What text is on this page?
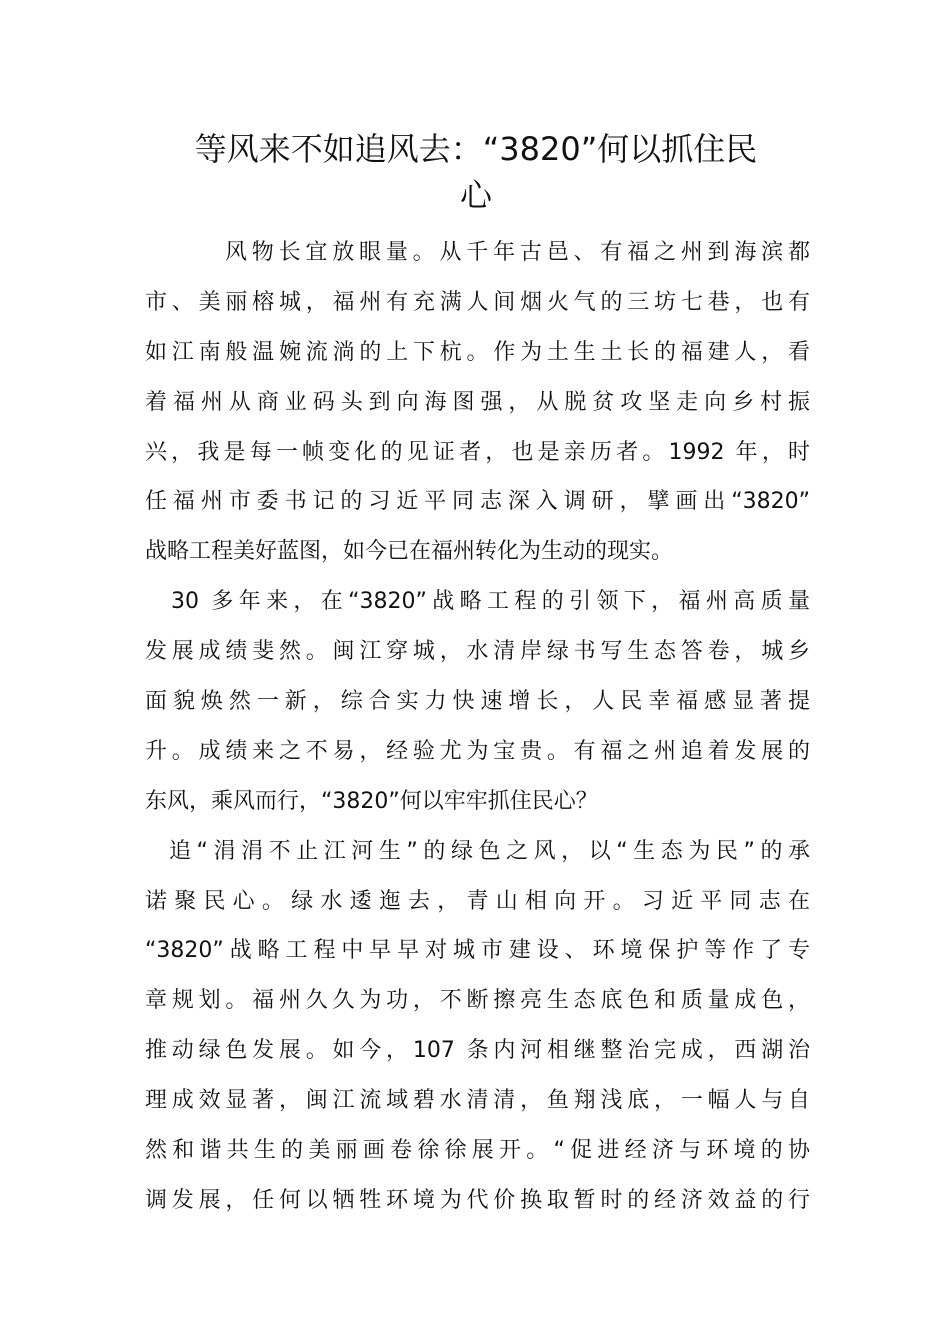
等风来不如追风去：“3820”何以抓住民
心
风物长宜放眼量。从千年古邑、有福之州到海滨都
市、美丽榕城，福州有充满人间烟火气的三坊七巷，也有
如江南般温婉流淌的上下杭。作为土生土长的福建人，看
着福州从商业码头到向海图强，从脱贫攻坚走向乡村振
兴，我是每一帧变化的见证者，也是亲历者。1992 年，时
任福州市委书记的习近平同志深入调研，擘画出“3820”
战略工程美好蓝图，如今已在福州转化为生动的现实。
30 多年来，在“3820”战略工程的引领下，福州高质量
发展成绩斐然。闽江穿城，水清岸绿书写生态答卷，城乡
面貌焕然一新，综合实力快速增长，人民幸福感显著提
升。成绩来之不易，经验尤为宝贵。有福之州追着发展的
东风，乘风而行，“3820”何以牢牢抓住民心？
追“涓涓不止江河生”的绿色之风，以“生态为民”的承
诺聚民心。绿水逶迤去，青山相向开。习近平同志在
“3820”战略工程中早早对城市建设、环境保护等作了专
章规划。福州久久为功，不断擦亮生态底色和质量成色，
推动绿色发展。如今，107 条内河相继整治完成，西湖治
理成效显著，闽江流域碧水清清，鱼翔浅底，一幅人与自
然和谐共生的美丽画卷徐徐展开。“促进经济与环境的协
调发展，任何以牺牲环境为代价换取暂时的经济效益的行
